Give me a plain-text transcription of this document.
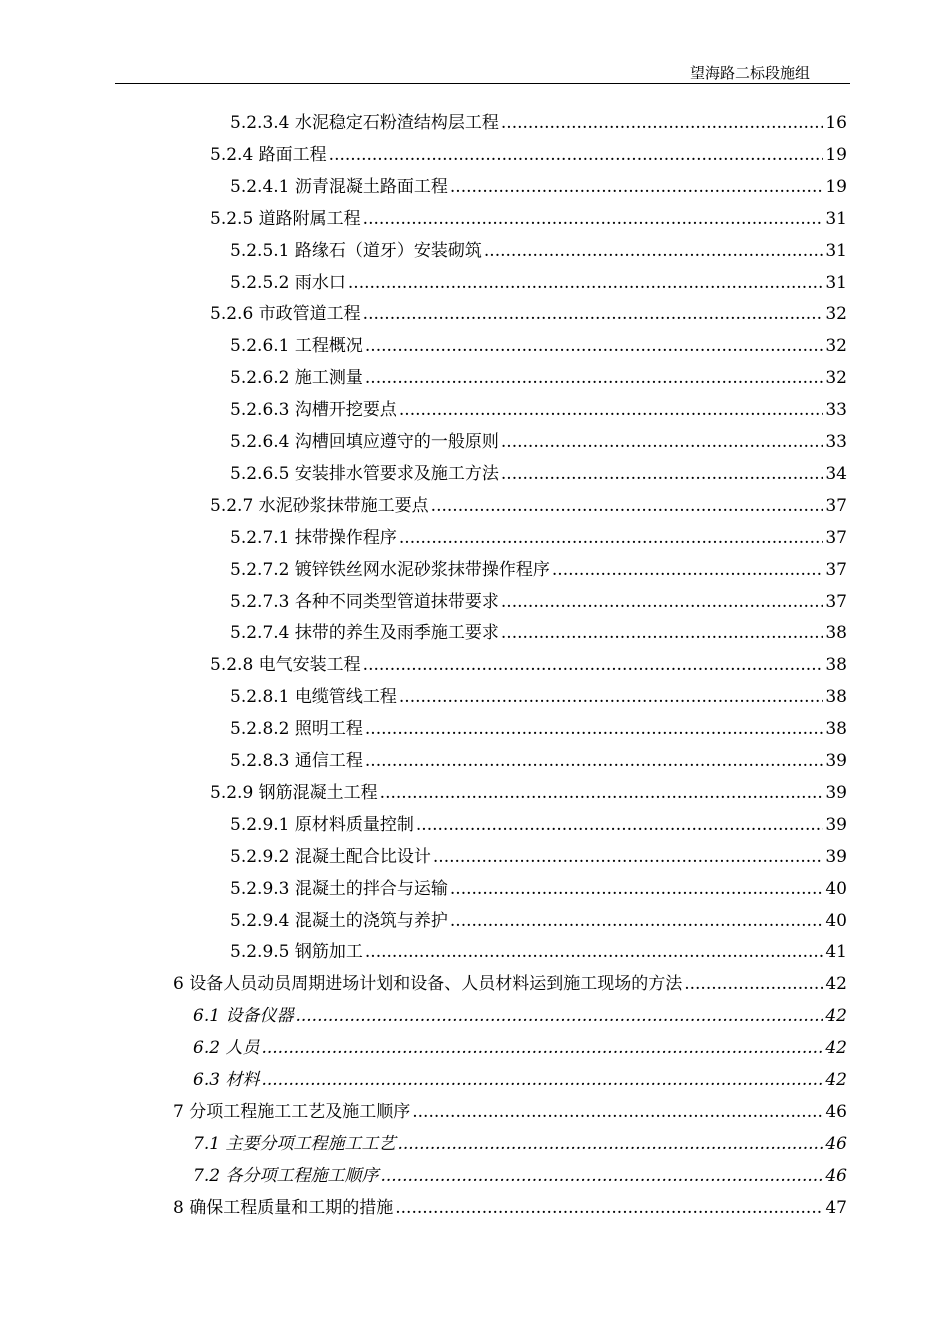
望海路二标段施组
5.2.3.4 水泥稳定石粉渣结构层工程 .....	16
5.2.4 路面工程 .....	19
5.2.4.1 沥青混凝土路面工程 .....	19
5.2.5 道路附属工程 .....	31
5.2.5.1 路缘石（道牙）安装砌筑 .....	31
5.2.5.2 雨水口 .....	31
5.2.6 市政管道工程 .....	32
5.2.6.1 工程概况 .....	32
5.2.6.2 施工测量 .....	32
5.2.6.3 沟槽开挖要点 .....	33
5.2.6.4 沟槽回填应遵守的一般原则 .....	33
5.2.6.5 安装排水管要求及施工方法 .....	34
5.2.7 水泥砂浆抹带施工要点 .....	37
5.2.7.1 抹带操作程序 .....	37
5.2.7.2 镀锌铁丝网水泥砂浆抹带操作程序 .....	37
5.2.7.3 各种不同类型管道抹带要求 .....	37
5.2.7.4 抹带的养生及雨季施工要求 .....	38
5.2.8 电气安装工程 .....	38
5.2.8.1 电缆管线工程 .....	38
5.2.8.2 照明工程 .....	38
5.2.8.3 通信工程 .....	39
5.2.9 钢筋混凝土工程 .....	39
5.2.9.1 原材料质量控制 .....	39
5.2.9.2 混凝土配合比设计 .....	39
5.2.9.3 混凝土的拌合与运输 .....	40
5.2.9.4 混凝土的浇筑与养护 .....	40
5.2.9.5 钢筋加工 .....	41
6 设备人员动员周期进场计划和设备、人员材料运到施工现场的方法 .....	42
6.1 设备仪器 .....	42
6.2 人员 .....	42
6.3 材料 .....	42
7 分项工程施工工艺及施工顺序 .....	46
7.1 主要分项工程施工工艺 .....	46
7.2 各分项工程施工顺序 .....	46
8 确保工程质量和工期的措施 .....	47
